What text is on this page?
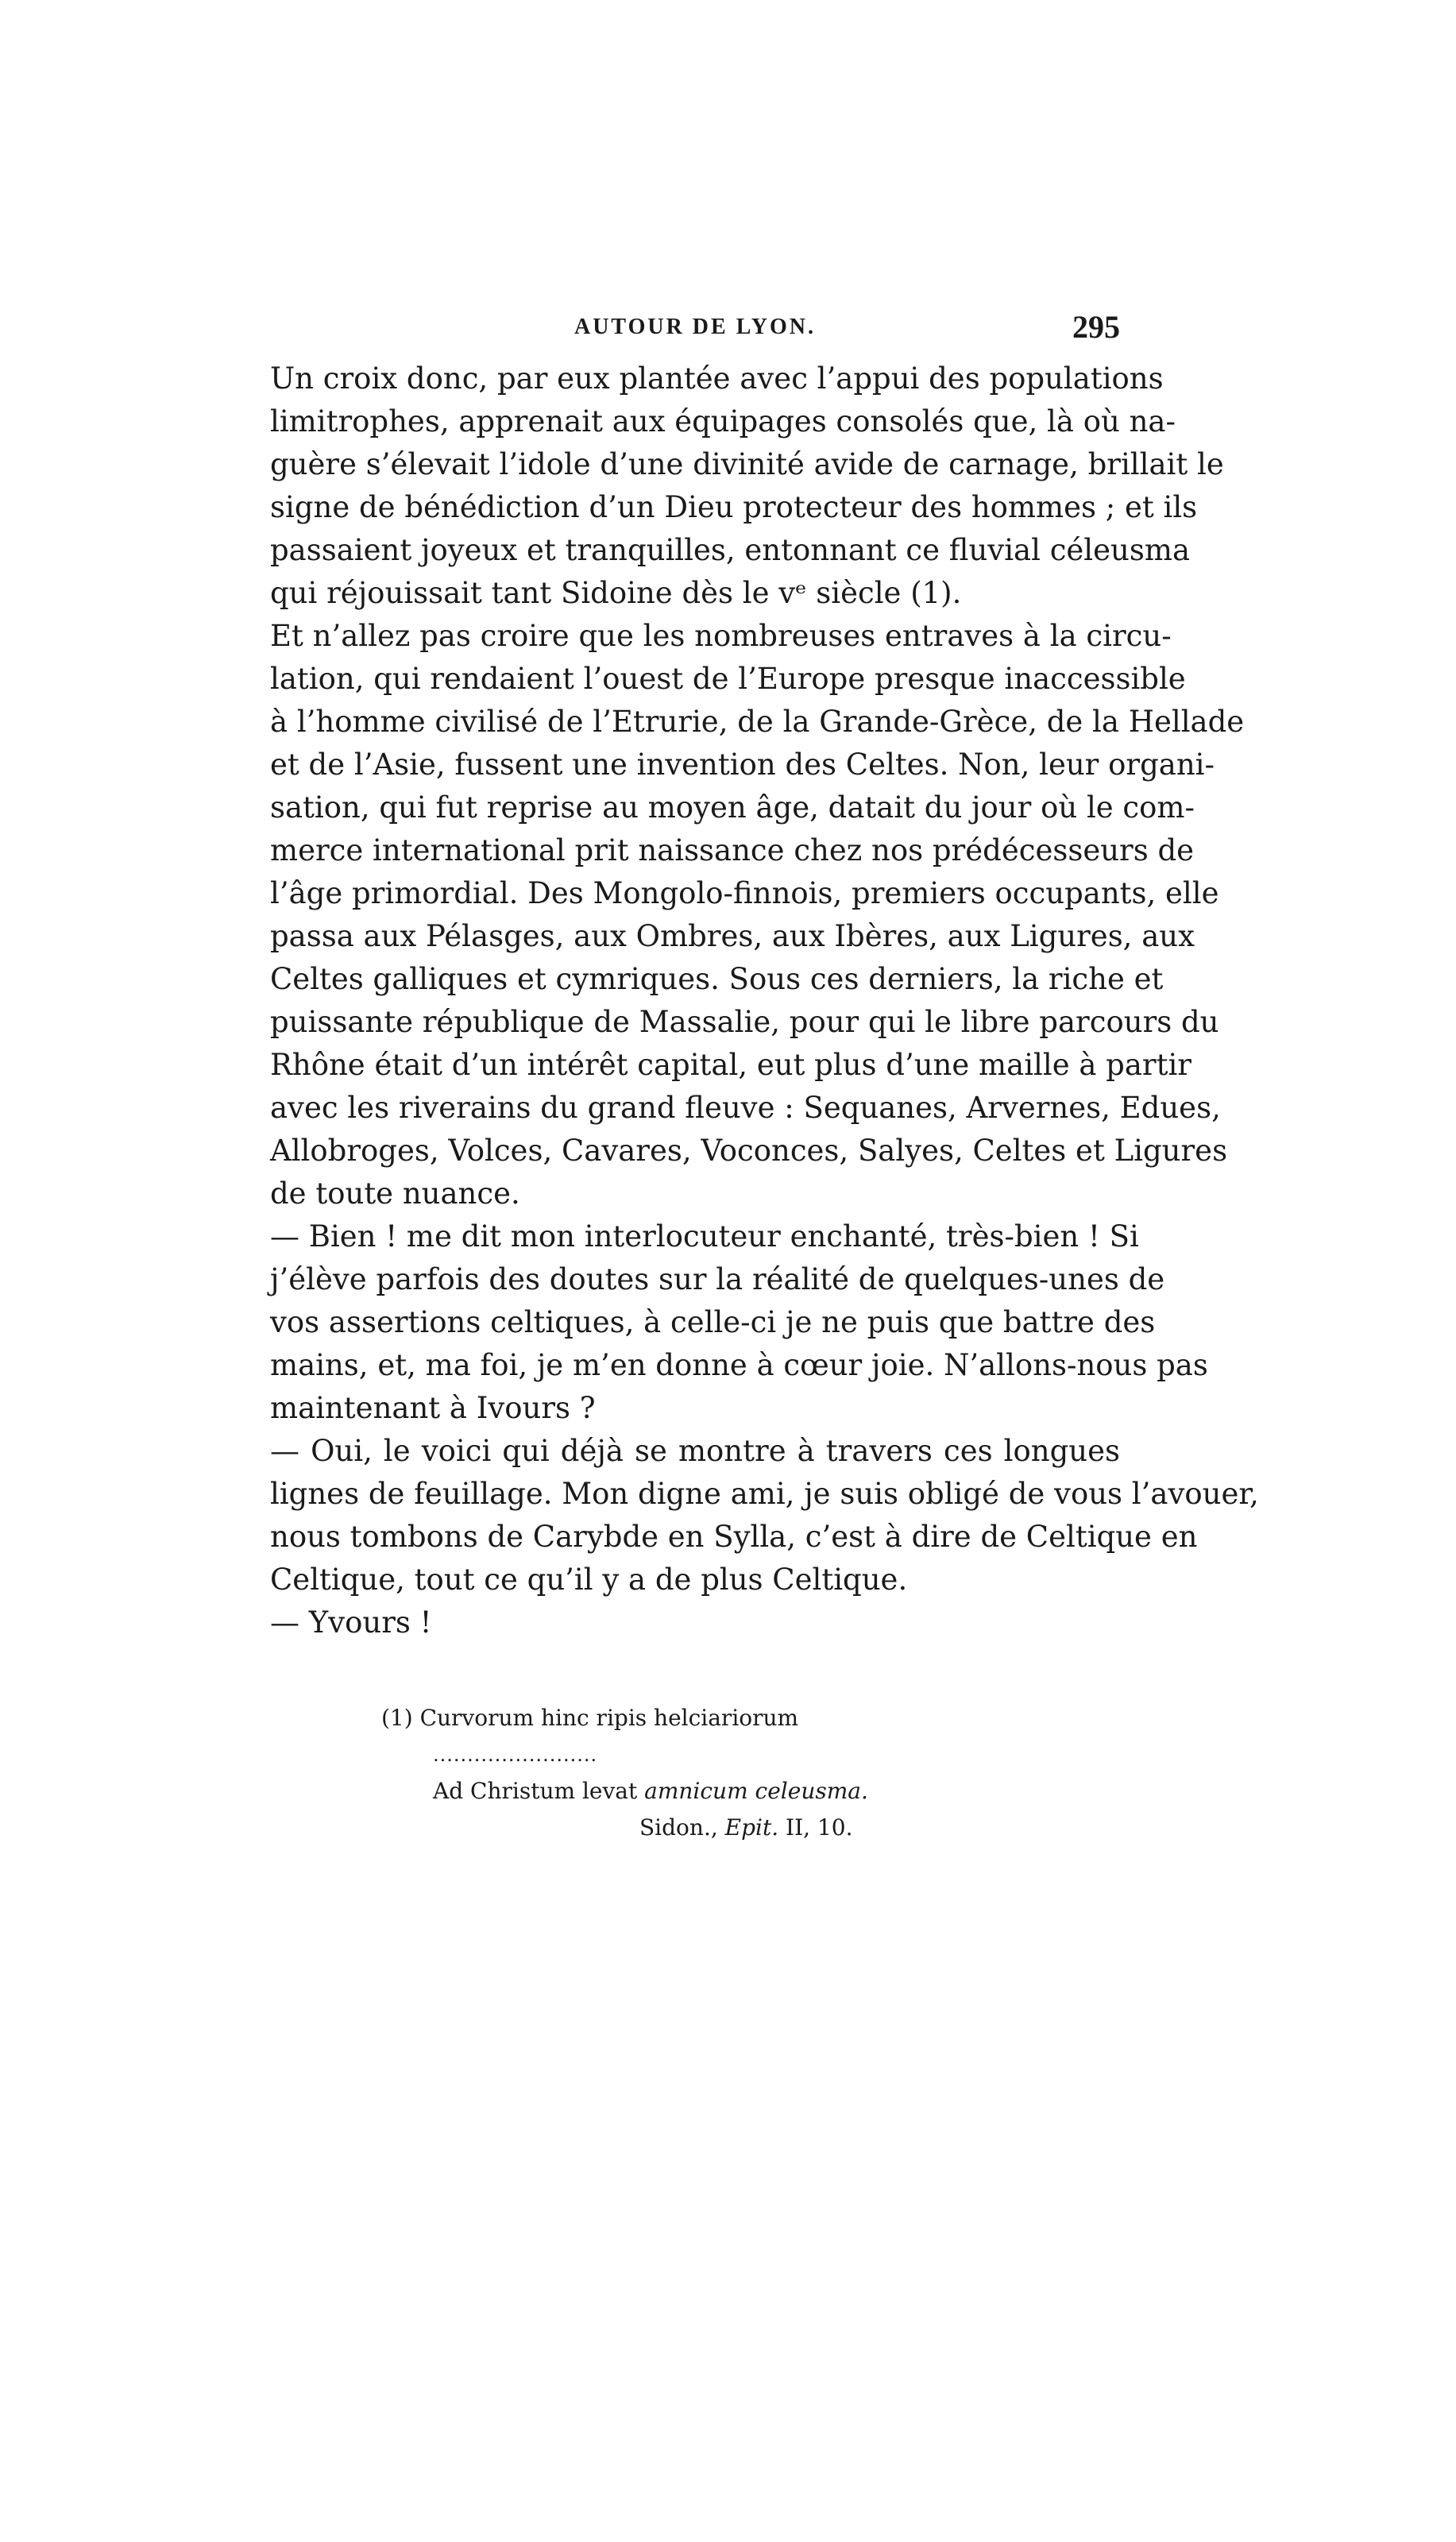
AUTOUR DE LYON.	295

Un croix donc, par eux plantée avec l’appui des populations
limitrophes, apprenait aux équipages consolés que, là où na-
guère s’élevait l’idole d’une divinité avide de carnage, brillait le
signe de bénédiction d’un Dieu protecteur des hommes ; et ils
passaient joyeux et tranquilles, entonnant ce fluvial céleusma
qui réjouissait tant Sidoine dès le vᵉ siècle (1).

Et n’allez pas croire que les nombreuses entraves à la circu-
lation, qui rendaient l’ouest de l’Europe presque inaccessible
à l’homme civilisé de l’Etrurie, de la Grande-Grèce, de la Hellade
et de l’Asie, fussent une invention des Celtes. Non, leur organi-
sation, qui fut reprise au moyen âge, datait du jour où le com-
merce international prit naissance chez nos prédécesseurs de
l’âge primordial. Des Mongolo-finnois, premiers occupants, elle
passa aux Pélasges, aux Ombres, aux Ibères, aux Ligures, aux
Celtes galliques et cymriques. Sous ces derniers, la riche et
puissante république de Massalie, pour qui le libre parcours du
Rhône était d’un intérêt capital, eut plus d’une maille à partir
avec les riverains du grand fleuve : Sequanes, Arvernes, Edues,
Allobroges, Volces, Cavares, Voconces, Salyes, Celtes et Ligures
de toute nuance.

— Bien ! me dit mon interlocuteur enchanté, très-bien ! Si
j’élève parfois des doutes sur la réalité de quelques-unes de
vos assertions celtiques, à celle-ci je ne puis que battre des
mains, et, ma foi, je m’en donne à cœur joie. N’allons-nous pas
maintenant à Ivours ?

— Oui, le voici qui déjà se montre à travers ces longues
lignes de feuillage. Mon digne ami, je suis obligé de vous l’avouer,
nous tombons de Carybde en Sylla, c’est à dire de Celtique en
Celtique, tout ce qu’il y a de plus Celtique.

— Yvours !

(1) Curvorum hinc ripis helciariorum
........................
Ad Christum levat amnicum celeusma.
Sidon., Epit. II, 10.
